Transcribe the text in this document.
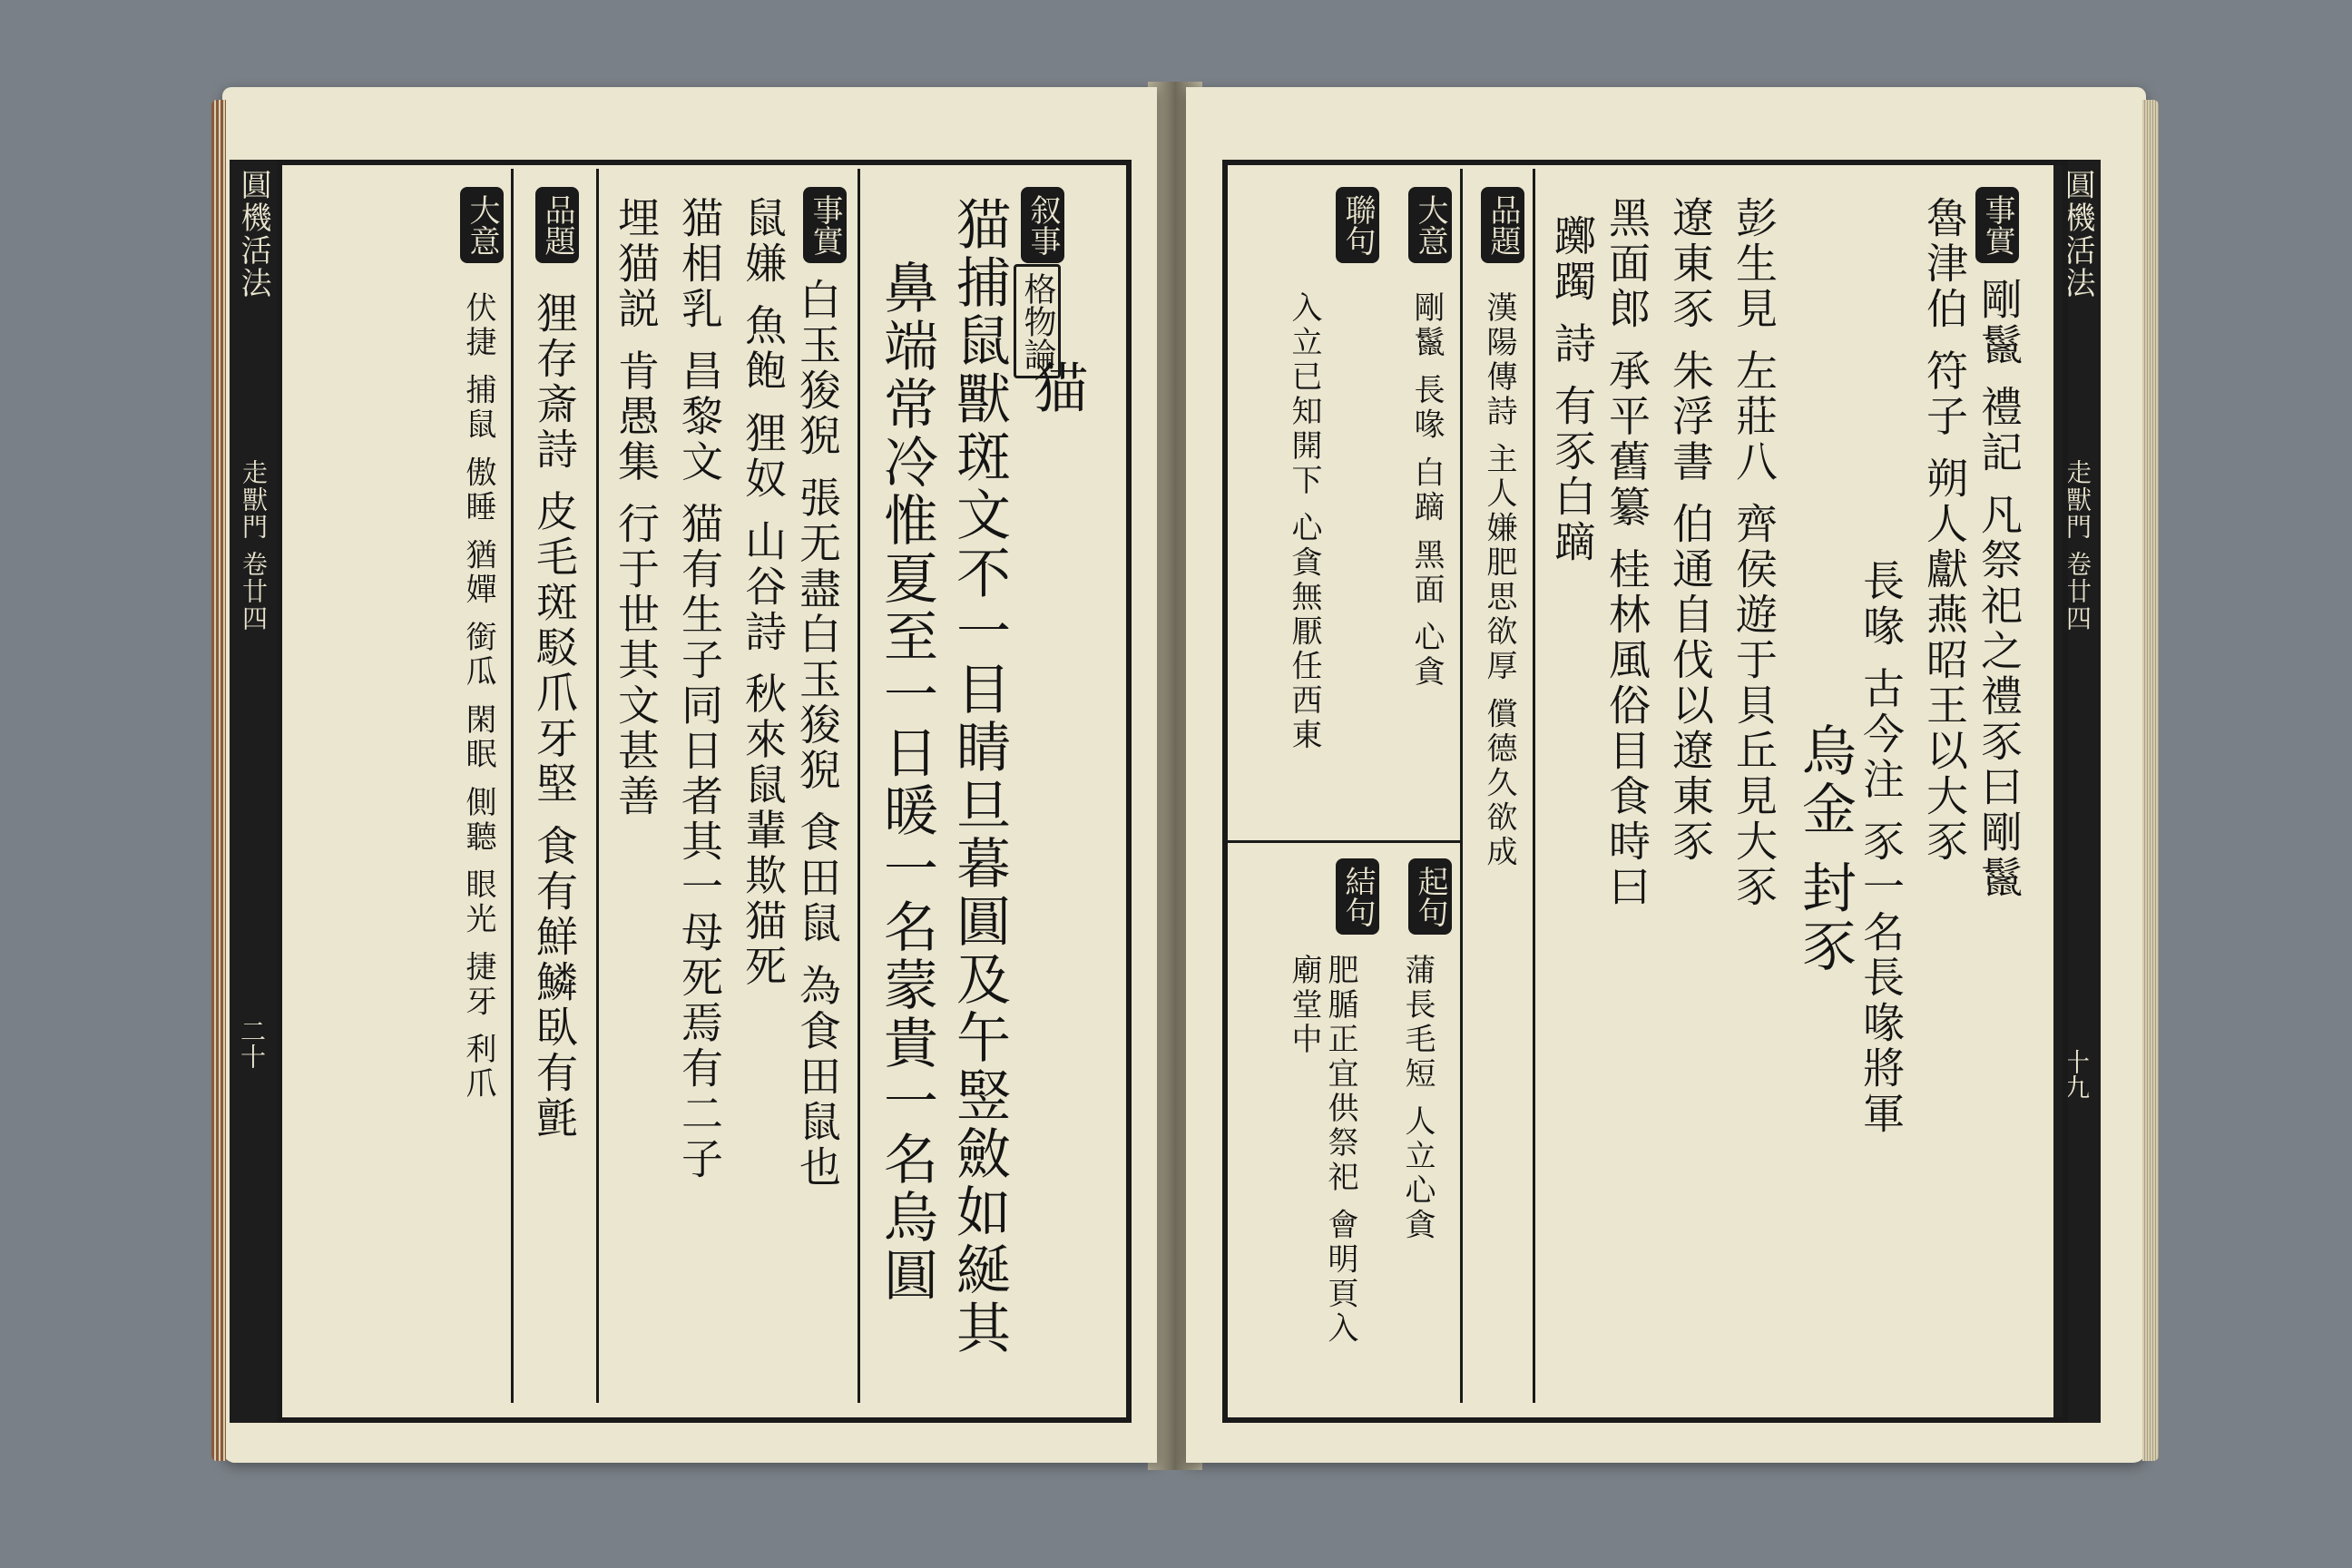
圓機活法
走獸門 卷廿四
二十
猫
叙事
格物論
猫捕鼠獸斑文不一目睛旦暮圓及午竪斂如綖其
鼻端常冷惟夏至一日暖一名蒙貴一名烏圓
事實
白玉狻猊 張无盡白玉狻猊 食田鼠 為食田鼠也
鼠嫌 魚飽 狸奴 山谷詩 秋來鼠輩欺猫死
猫相乳 昌黎文 猫有生子同日者其一母死焉有二子
埋猫説 肯愚集 行于世其文甚善
品題
狸存斎詩 皮毛斑駁爪牙堅 食有鮮鱗臥有氈
大意
伏捷 捕鼠 傲睡 猶嬋 銜瓜 閑眠 側聽 眼光 捷牙 利爪
圓機活法
走獸門 卷廿四
十九
事實
剛鬣 禮記 凡祭祀之禮豕曰剛鬣
魯津伯 符子 朔人獻燕昭王以大豕
長喙 古今注 豕一名長喙將軍
烏金 封豕
彭生見 左莊八 齊侯遊于貝丘見大豕
遼東豕 朱浮書 伯通自伐以遼東豕
黑面郎 承平舊纂 桂林風俗目食時曰
躑躅 詩 有豕白蹢
品題
漢陽傳詩 主人嫌肥思欲厚 償德久欲成
大意
剛鬣 長喙 白蹢 黑面 心貪
聯句
入立已知開下 心貪無厭任西東
起句
蒲長毛短 人立心貪
結句
肥腯正宜供祭祀 會明頁入廟堂中
